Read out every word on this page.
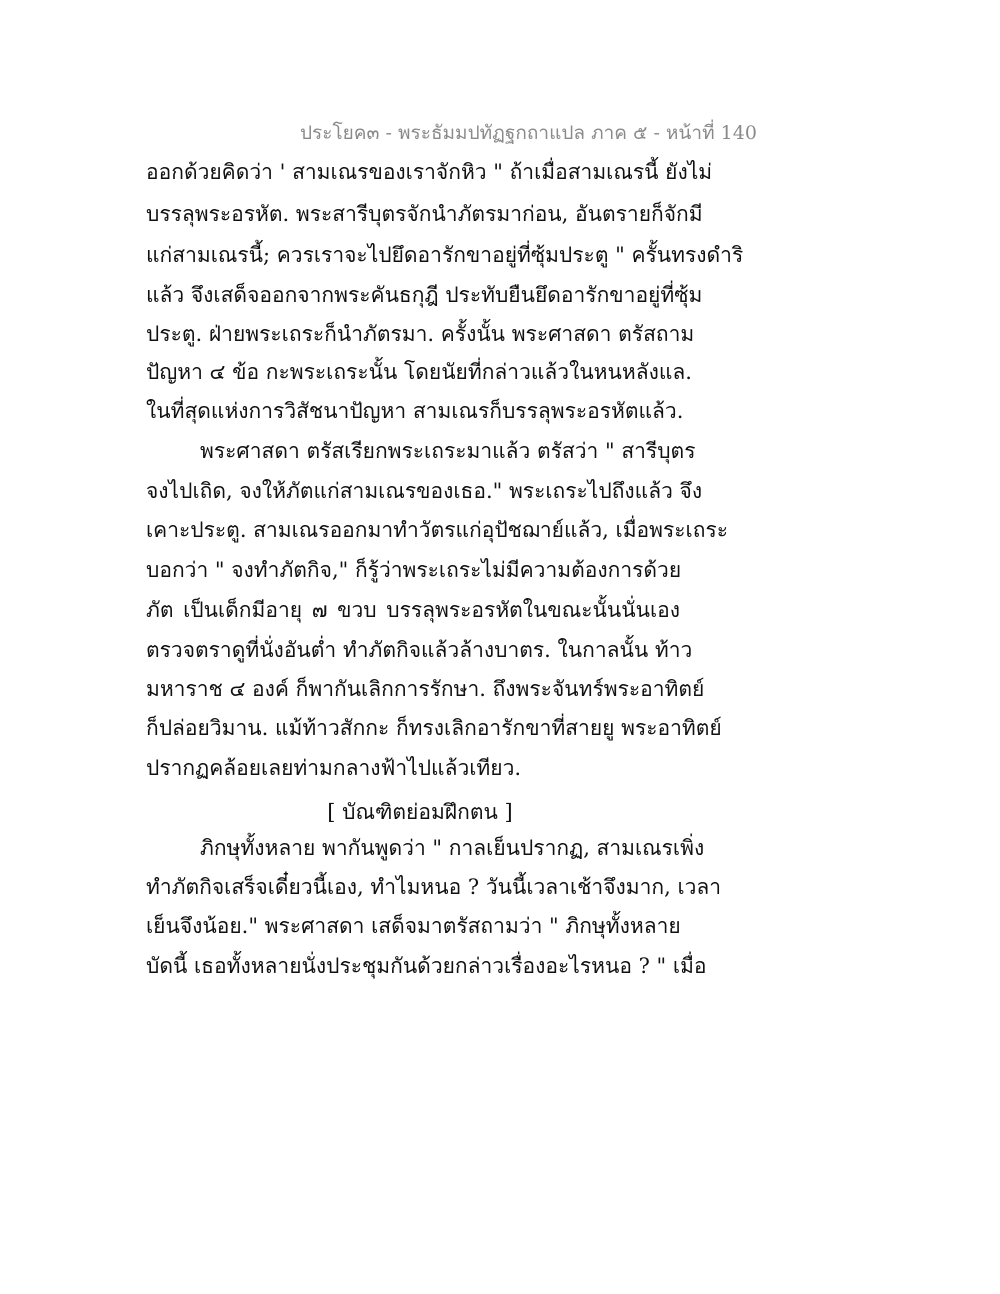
ประโยค๓ - พระธัมมปทัฏฐกถาแปล ภาค ๕ - หน้าที่ 140
ออกด้วยคิดว่า ' สามเณรของเราจักหิว " ถ้าเมื่อสามเณรนี้ ยังไม่
บรรลุพระอรหัต. พระสารีบุตรจักนำภัตรมาก่อน, อันตรายก็จักมี
แก่สามเณรนี้; ควรเราจะไปยึดอารักขาอยู่ที่ซุ้มประตู " ครั้นทรงดำริ
แล้ว จึงเสด็จออกจากพระคันธกุฎี ประทับยืนยึดอารักขาอยู่ที่ซุ้ม
ประตู. ฝ่ายพระเถระก็นำภัตรมา. ครั้งนั้น พระศาสดา ตรัสถาม
ปัญหา ๔ ข้อ กะพระเถระนั้น โดยนัยที่กล่าวแล้วในหนหลังแล.
ในที่สุดแห่งการวิสัชนาปัญหา สามเณรก็บรรลุพระอรหัตแล้ว.
พระศาสดา ตรัสเรียกพระเถระมาแล้ว ตรัสว่า " สารีบุตร
จงไปเถิด, จงให้ภัตแก่สามเณรของเธอ." พระเถระไปถึงแล้ว จึง
เคาะประตู. สามเณรออกมาทำวัตรแก่อุปัชฌาย์แล้ว, เมื่อพระเถระ
บอกว่า " จงทำภัตกิจ," ก็รู้ว่าพระเถระไม่มีความต้องการด้วย
ภัต เป็นเด็กมีอายุ ๗ ขวบ บรรลุพระอรหัตในขณะนั้นนั่นเอง
ตรวจตราดูที่นั่งอันต่ำ ทำภัตกิจแล้วล้างบาตร. ในกาลนั้น ท้าว
มหาราช ๔ องค์ ก็พากันเลิกการรักษา. ถึงพระจันทร์พระอาทิตย์
ก็ปล่อยวิมาน. แม้ท้าวสักกะ ก็ทรงเลิกอารักขาที่สายยู พระอาทิตย์
ปรากฏคล้อยเลยท่ามกลางฟ้าไปแล้วเทียว.
[ บัณฑิตย่อมฝึกตน ]
ภิกษุทั้งหลาย พากันพูดว่า " กาลเย็นปรากฏ, สามเณรเพิ่ง
ทำภัตกิจเสร็จเดี๋ยวนี้เอง, ทำไมหนอ ? วันนี้เวลาเช้าจึงมาก, เวลา
เย็นจึงน้อย." พระศาสดา เสด็จมาตรัสถามว่า " ภิกษุทั้งหลาย
บัดนี้ เธอทั้งหลายนั่งประชุมกันด้วยกล่าวเรื่องอะไรหนอ ? " เมื่อ
